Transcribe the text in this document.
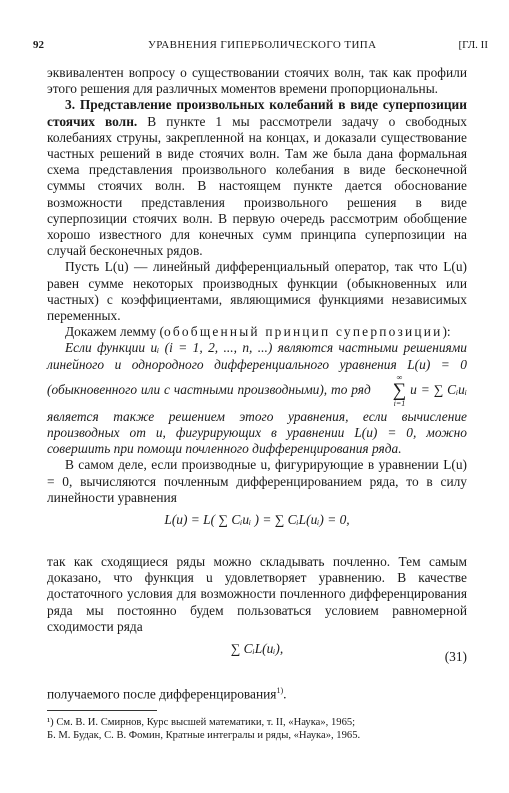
92	УРАВНЕНИЯ ГИПЕРБОЛИЧЕСКОГО ТИПА	[ГЛ. II

эквивалентен вопросу о существовании стоячих волн, так как профили этого решения для различных моментов времени пропорциональны.

3. Представление произвольных колебаний в виде суперпозиции стоячих волн. В пункте 1 мы рассмотрели задачу о свободных колебаниях струны, закрепленной на концах, и доказали существование частных решений в виде стоячих волн. Там же была дана формальная схема представления произвольного колебания в виде бесконечной суммы стоячих волн. В настоящем пункте дается обоснование возможности представления произвольного решения в виде суперпозиции стоячих волн. В первую очередь рассмотрим обобщение хорошо известного для конечных сумм принципа суперпозиции на случай бесконечных рядов.

Пусть L(u) — линейный дифференциальный оператор, так что L(u) равен сумме некоторых производных функции (обыкновенных или частных) с коэффициентами, являющимися функциями независимых переменных.

Докажем лемму (обобщенный принцип суперпозиции):

Если функции uᵢ (i = 1, 2, ..., n, ...) являются частными решениями линейного и однородного дифференциального уравнения L(u) = 0 (обыкновенного или с частными производными), то ряд
∞
∑
i=1
u = ∑ Cᵢuᵢ является также решением этого уравнения, если вычисление производных от u, фигурирующих в уравнении L(u) = 0, можно совершить при помощи почленного дифференцирования ряда.

В самом деле, если производные u, фигурирующие в уравнении L(u) = 0, вычисляются почленным дифференцированием ряда, то в силу линейности уравнения

L(u) = L( ∑ Cᵢuᵢ ) = ∑ CᵢL(uᵢ) = 0,

так как сходящиеся ряды можно складывать почленно. Тем самым доказано, что функция u удовлетворяет уравнению. В качестве достаточного условия для возможности почленного дифференцирования ряда мы постоянно будем пользоваться условием равномерной сходимости ряда

∑ CᵢL(uᵢ),
(31)

получаемого после дифференцирования$^{1)}$.

¹) См. В. И. Смирнов, Курс высшей математики, т. II, «Наука», 1965;

Б. М. Будак, С. В. Фомин, Кратные интегралы и ряды, «Наука», 1965.
